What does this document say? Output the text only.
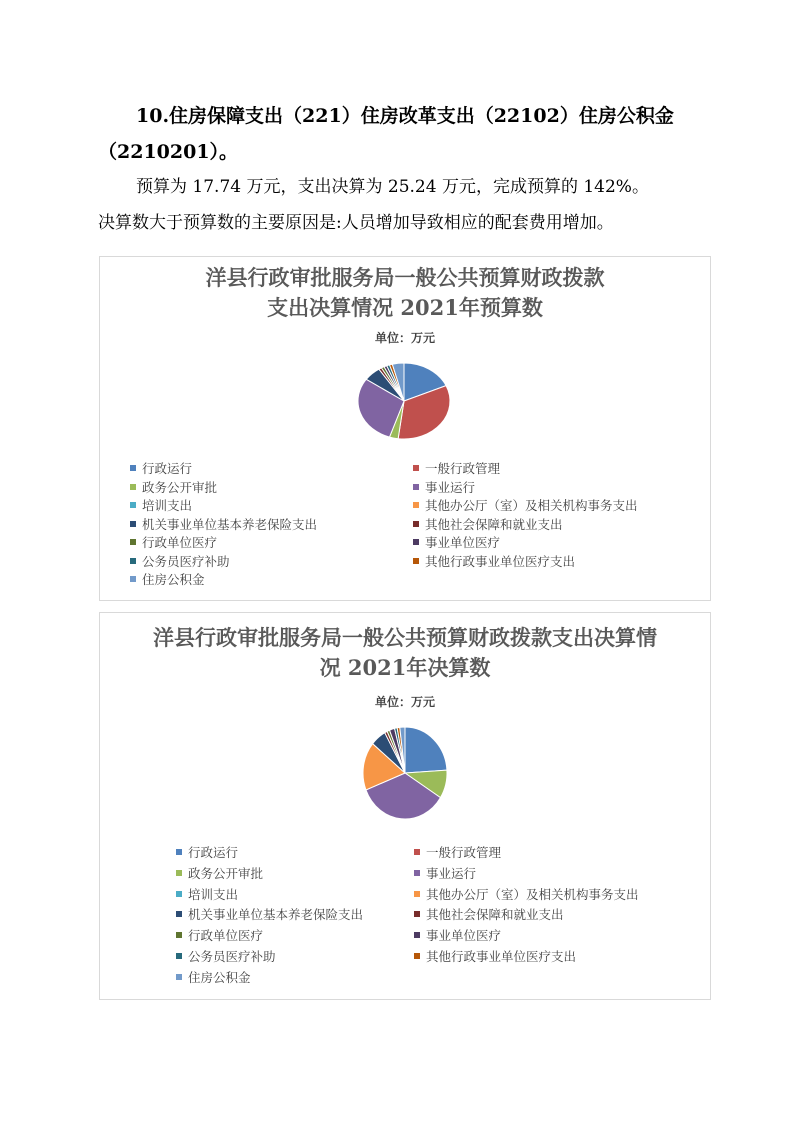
10.住房保障支出（221）住房改革支出（22102）住房公积金
（2210201）。

预算为 17.74 万元，支出决算为 25.24 万元，完成预算的 142%。
决算数大于预算数的主要原因是:人员增加导致相应的配套费用增加。

洋县行政审批服务局一般公共预算财政拨款
支出决算情况 2021年预算数
单位：万元
行政运行	一般行政管理
政务公开审批	事业运行
培训支出	其他办公厅（室）及相关机构事务支出
机关事业单位基本养老保险支出	其他社会保障和就业支出
行政单位医疗	事业单位医疗
公务员医疗补助	其他行政事业单位医疗支出
住房公积金
洋县行政审批服务局一般公共预算财政拨款支出决算情
况 2021年决算数
单位：万元
行政运行	一般行政管理
政务公开审批	事业运行
培训支出	其他办公厅（室）及相关机构事务支出
机关事业单位基本养老保险支出	其他社会保障和就业支出
行政单位医疗	事业单位医疗
公务员医疗补助	其他行政事业单位医疗支出
住房公积金
